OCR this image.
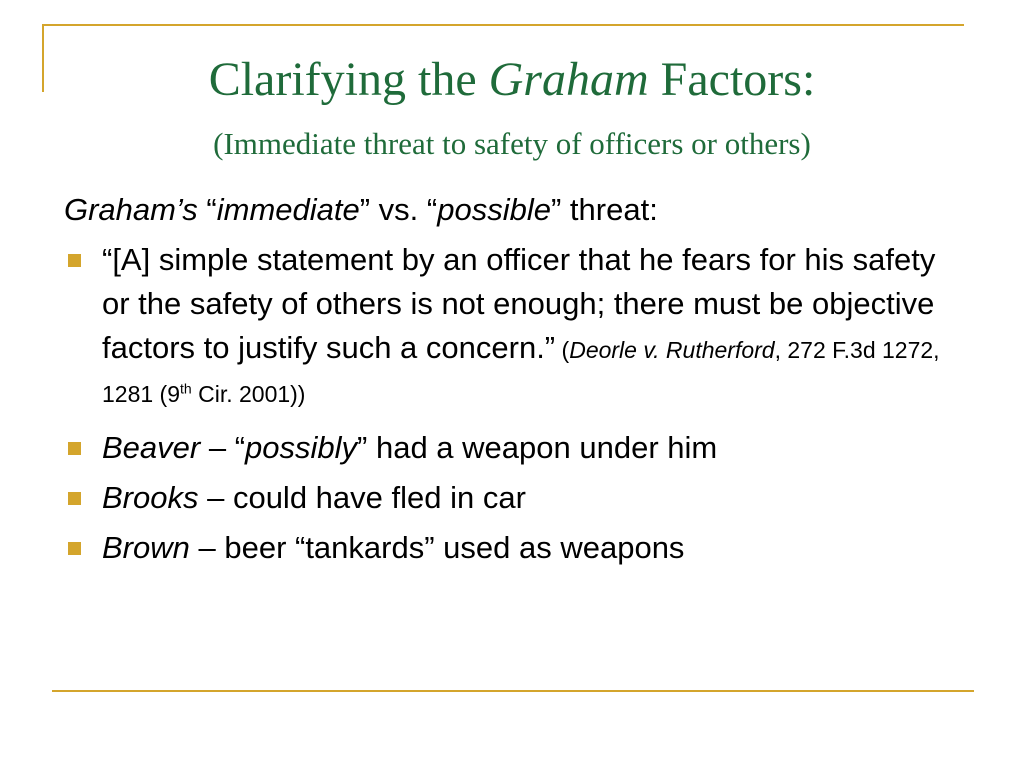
Clarifying the Graham Factors:
(Immediate threat to safety of officers or others)

Graham’s “immediate” vs. “possible” threat:

“[A] simple statement by an officer that he fears for his safety or the safety of others is not enough; there must be objective factors to justify such a concern.” (Deorle v. Rutherford, 272 F.3d 1272, 1281 (9th Cir. 2001))
Beaver – “possibly” had a weapon under him
Brooks – could have fled in car
Brown – beer “tankards” used as weapons
